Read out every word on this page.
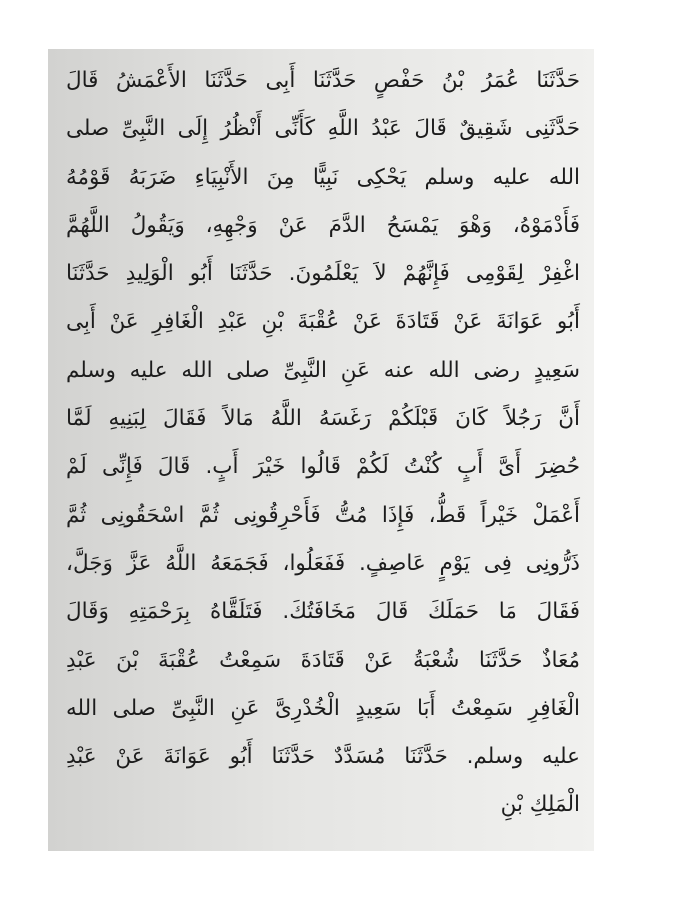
حَدَّثَنَا عُمَرُ بْنُ حَفْصٍ حَدَّثَنَا أَبِى حَدَّثَنَا الأَعْمَشُ قَالَ
حَدَّثَنِى شَقِيقٌ قَالَ عَبْدُ اللَّهِ كَأَنِّى أَنْظُرُ إِلَى النَّبِىِّ صلى
الله عليه وسلم يَحْكِى نَبِيًّا مِنَ الأَنْبِيَاءِ ضَرَبَهُ قَوْمُهُ
فَأَدْمَوْهُ، وَهْوَ يَمْسَحُ الدَّمَ عَنْ وَجْهِهِ، وَيَقُولُ اللَّهُمَّ
اغْفِرْ لِقَوْمِى فَإِنَّهُمْ لاَ يَعْلَمُونَ. حَدَّثَنَا أَبُو الْوَلِيدِ حَدَّثَنَا
أَبُو عَوَانَةَ عَنْ قَتَادَةَ عَنْ عُقْبَةَ بْنِ عَبْدِ الْغَافِرِ عَنْ أَبِى
سَعِيدٍ رضى الله عنه عَنِ النَّبِىِّ صلى الله عليه وسلم
أَنَّ رَجُلاً كَانَ قَبْلَكُمْ رَغَسَهُ اللَّهُ مَالاً فَقَالَ لِبَنِيهِ لَمَّا
حُضِرَ أَىَّ أَبٍ كُنْتُ لَكُمْ قَالُوا خَيْرَ أَبٍ. قَالَ فَإِنِّى لَمْ
أَعْمَلْ خَيْراً قَطُّ، فَإِذَا مُتُّ فَأَحْرِقُونِى ثُمَّ اسْحَقُونِى ثُمَّ
ذَرُّونِى فِى يَوْمٍ عَاصِفٍ. فَفَعَلُوا، فَجَمَعَهُ اللَّهُ عَزَّ وَجَلَّ،
فَقَالَ مَا حَمَلَكَ قَالَ مَخَافَتُكَ. فَتَلَقَّاهُ بِرَحْمَتِهِ وَقَالَ
مُعَاذٌ حَدَّثَنَا شُعْبَةُ عَنْ قَتَادَةَ سَمِعْتُ عُقْبَةَ بْنَ عَبْدِ
الْغَافِرِ سَمِعْتُ أَبَا سَعِيدٍ الْخُدْرِىَّ عَنِ النَّبِىِّ صلى الله
عليه وسلم. حَدَّثَنَا مُسَدَّدٌ حَدَّثَنَا أَبُو عَوَانَةَ عَنْ عَبْدِ
الْمَلِكِ بْنِ
